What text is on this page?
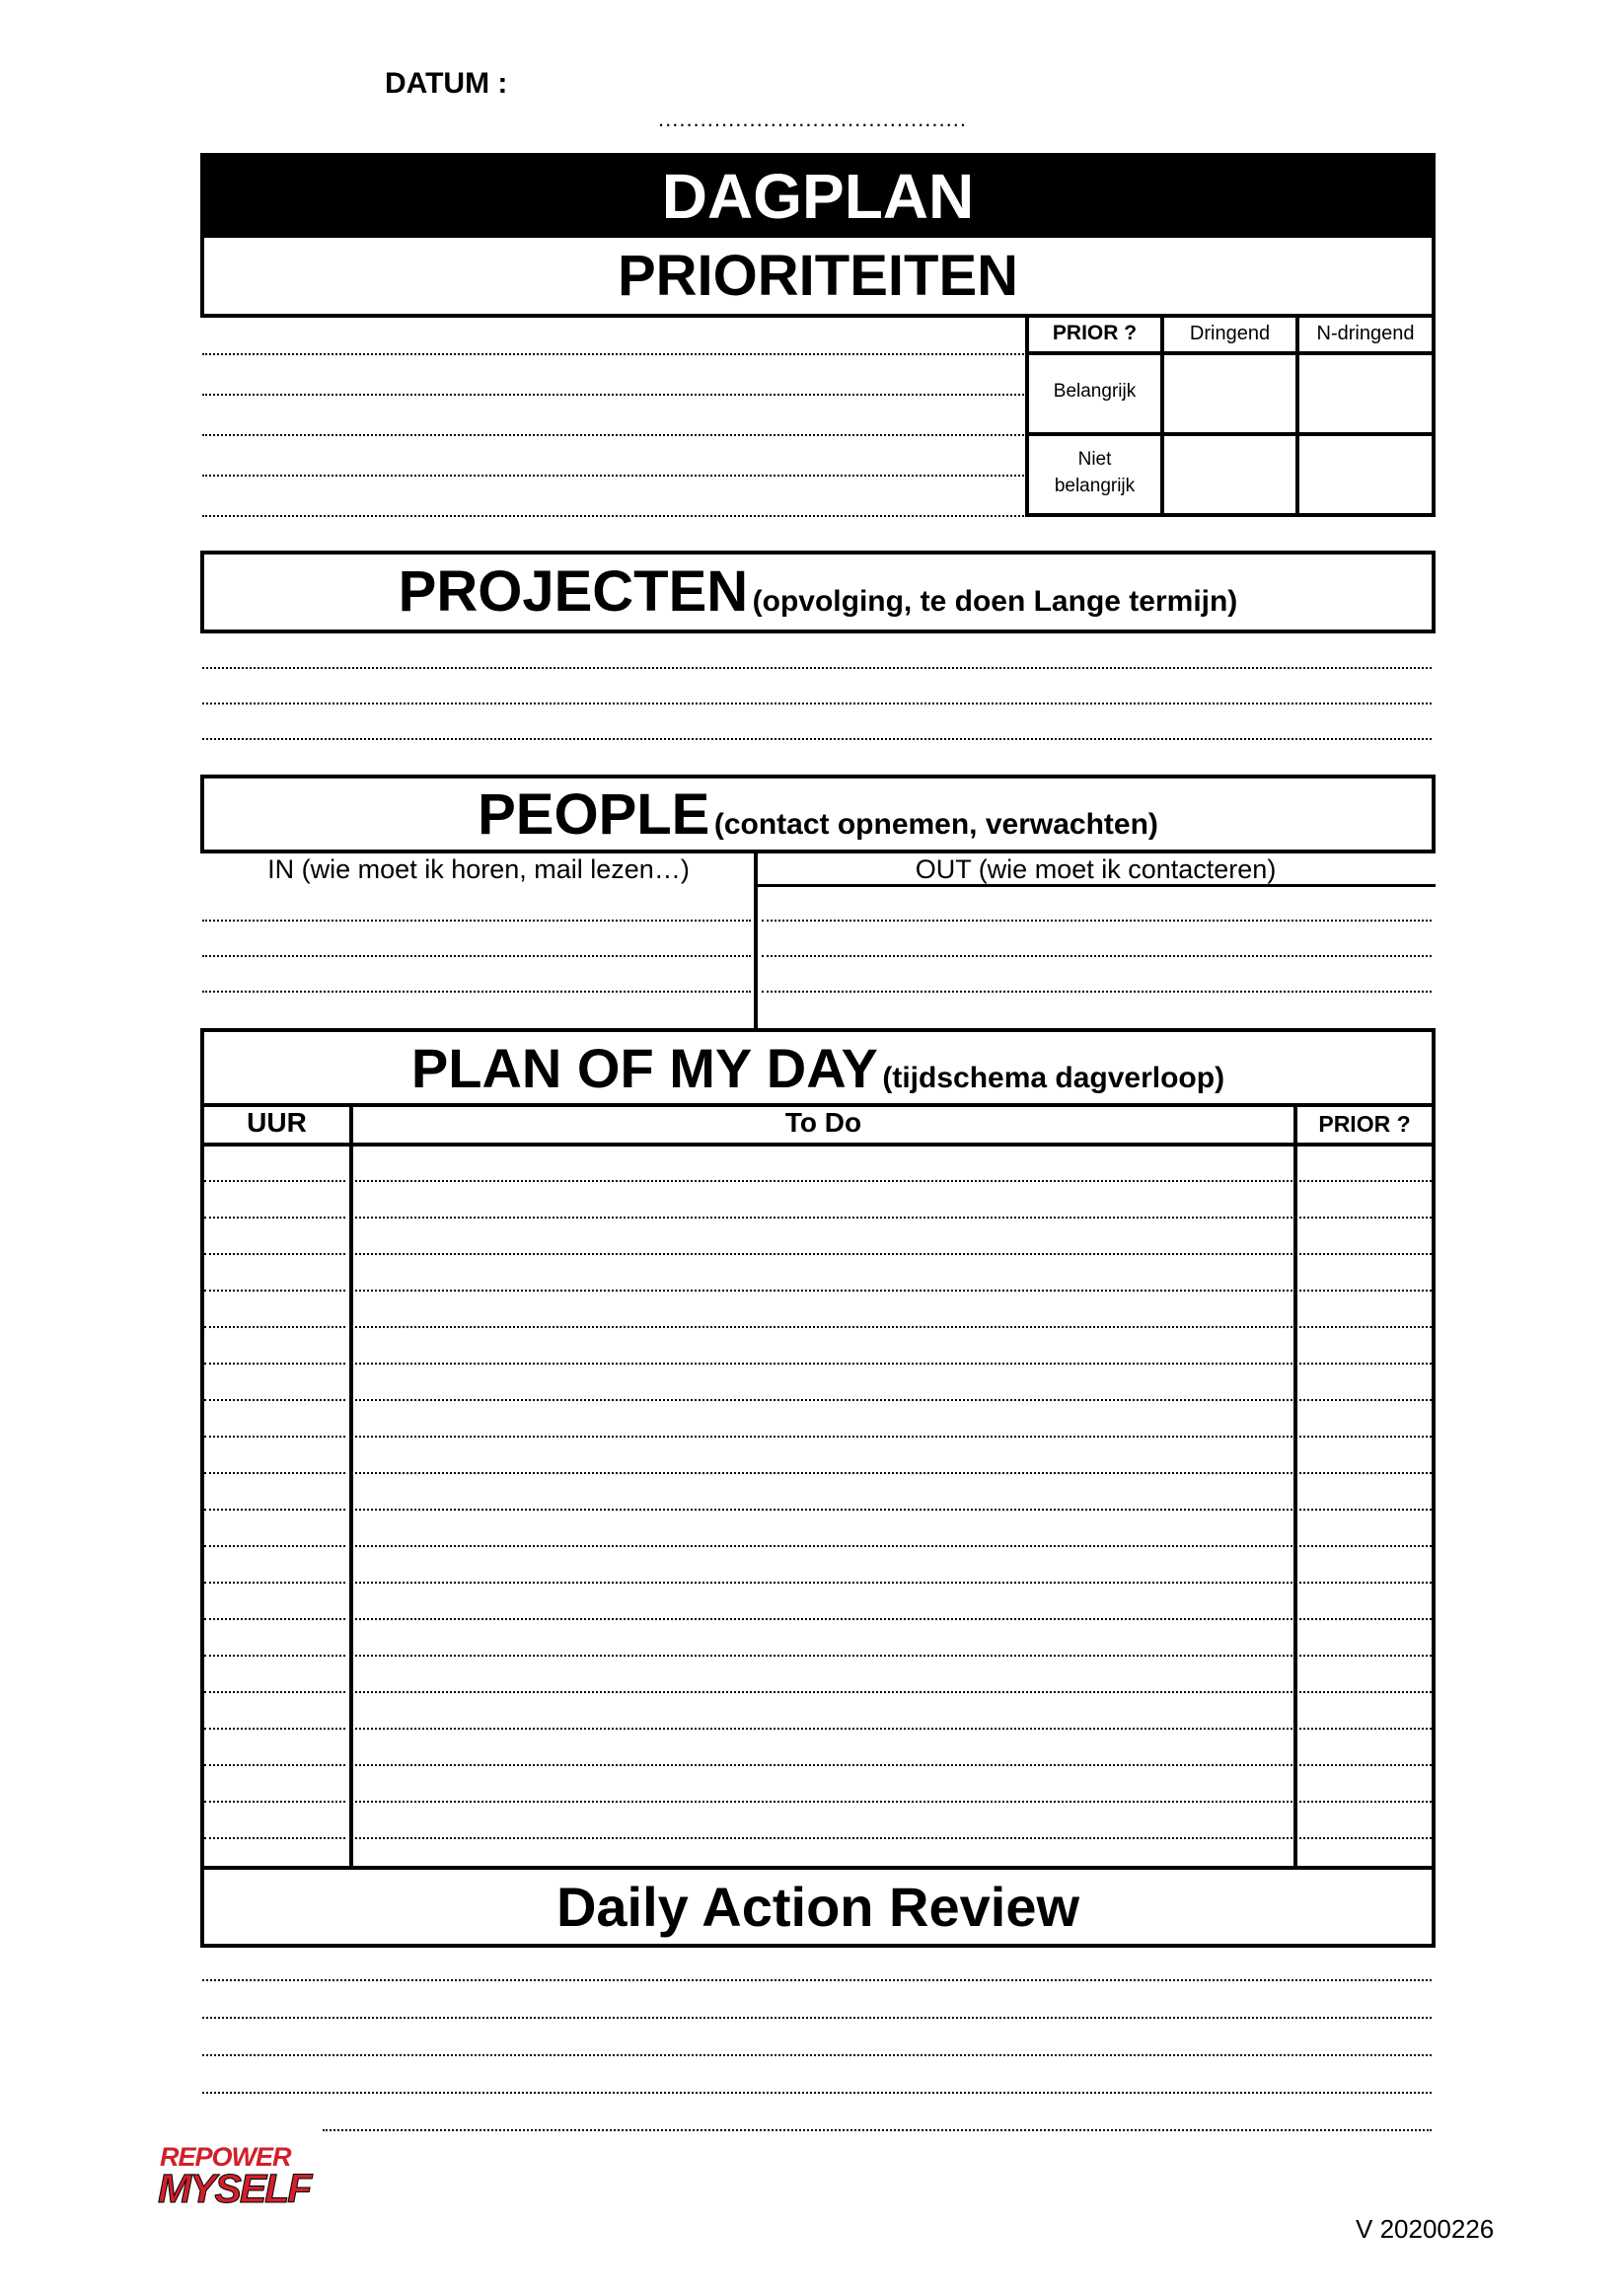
DATUM :
............................................
DAGPLAN
PRIORITEITEN
PRIOR ?	Dringend	N-dringend
Belangrijk
Niet belangrijk
PROJECTEN (opvolging, te doen Lange termijn)
PEOPLE (contact opnemen, verwachten)
IN (wie moet ik horen, mail lezen…)	OUT (wie moet ik contacteren)
PLAN OF MY DAY (tijdschema dagverloop)
UUR	To Do	PRIOR ?
Daily Action Review
REPOWER
MYSELF
V 20200226
